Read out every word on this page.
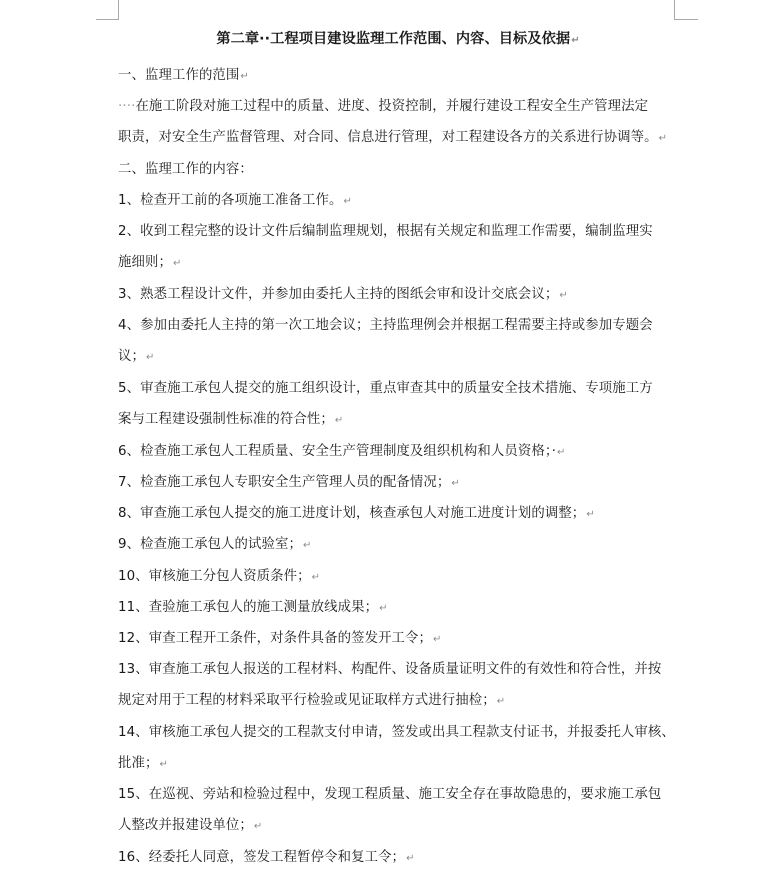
第二章··工程项目建设监理工作范围、内容、目标及依据↵
一、监理工作的范围↵
····在施工阶段对施工过程中的质量、进度、投资控制，并履行建设工程安全生产管理法定
职责，对安全生产监督管理、对合同、信息进行管理，对工程建设各方的关系进行协调等。↵
二、监理工作的内容：
1、检查开工前的各项施工准备工作。↵
2、收到工程完整的设计文件后编制监理规划，根据有关规定和监理工作需要，编制监理实
施细则；↵
3、熟悉工程设计文件，并参加由委托人主持的图纸会审和设计交底会议；↵
4、参加由委托人主持的第一次工地会议；主持监理例会并根据工程需要主持或参加专题会
议；↵
5、审查施工承包人提交的施工组织设计，重点审查其中的质量安全技术措施、专项施工方
案与工程建设强制性标准的符合性；↵
6、检查施工承包人工程质量、安全生产管理制度及组织机构和人员资格；·↵
7、检查施工承包人专职安全生产管理人员的配备情况；↵
8、审查施工承包人提交的施工进度计划，核查承包人对施工进度计划的调整；↵
9、检查施工承包人的试验室；↵
10、审核施工分包人资质条件；↵
11、查验施工承包人的施工测量放线成果；↵
12、审查工程开工条件，对条件具备的签发开工令；↵
13、审查施工承包人报送的工程材料、构配件、设备质量证明文件的有效性和符合性，并按
规定对用于工程的材料采取平行检验或见证取样方式进行抽检；↵
14、审核施工承包人提交的工程款支付申请，签发或出具工程款支付证书，并报委托人审核、
批准；↵
15、在巡视、旁站和检验过程中，发现工程质量、施工安全存在事故隐患的，要求施工承包
人整改并报建设单位；↵
16、经委托人同意，签发工程暂停令和复工令；↵
